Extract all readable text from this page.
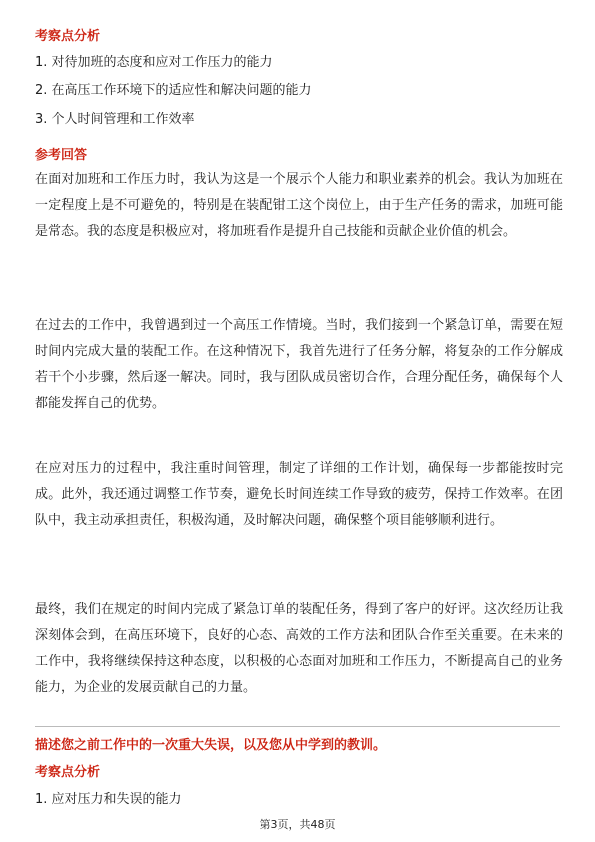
考察点分析
1. 对待加班的态度和应对工作压力的能力
2. 在高压工作环境下的适应性和解决问题的能力
3. 个人时间管理和工作效率
参考回答
在面对加班和工作压力时，我认为这是一个展示个人能力和职业素养的机会。我认为加班在一定程度上是不可避免的，特别是在装配钳工这个岗位上，由于生产任务的需求，加班可能是常态。我的态度是积极应对，将加班看作是提升自己技能和贡献企业价值的机会。
在过去的工作中，我曾遇到过一个高压工作情境。当时，我们接到一个紧急订单，需要在短时间内完成大量的装配工作。在这种情况下，我首先进行了任务分解，将复杂的工作分解成若干个小步骤，然后逐一解决。同时，我与团队成员密切合作，合理分配任务，确保每个人都能发挥自己的优势。
在应对压力的过程中，我注重时间管理，制定了详细的工作计划，确保每一步都能按时完成。此外，我还通过调整工作节奏，避免长时间连续工作导致的疲劳，保持工作效率。在团队中，我主动承担责任，积极沟通，及时解决问题，确保整个项目能够顺利进行。
最终，我们在规定的时间内完成了紧急订单的装配任务，得到了客户的好评。这次经历让我深刻体会到，在高压环境下，良好的心态、高效的工作方法和团队合作至关重要。在未来的工作中，我将继续保持这种态度，以积极的心态面对加班和工作压力，不断提高自己的业务能力，为企业的发展贡献自己的力量。
描述您之前工作中的一次重大失误，以及您从中学到的教训。
考察点分析
1. 应对压力和失误的能力
第3页，共48页
